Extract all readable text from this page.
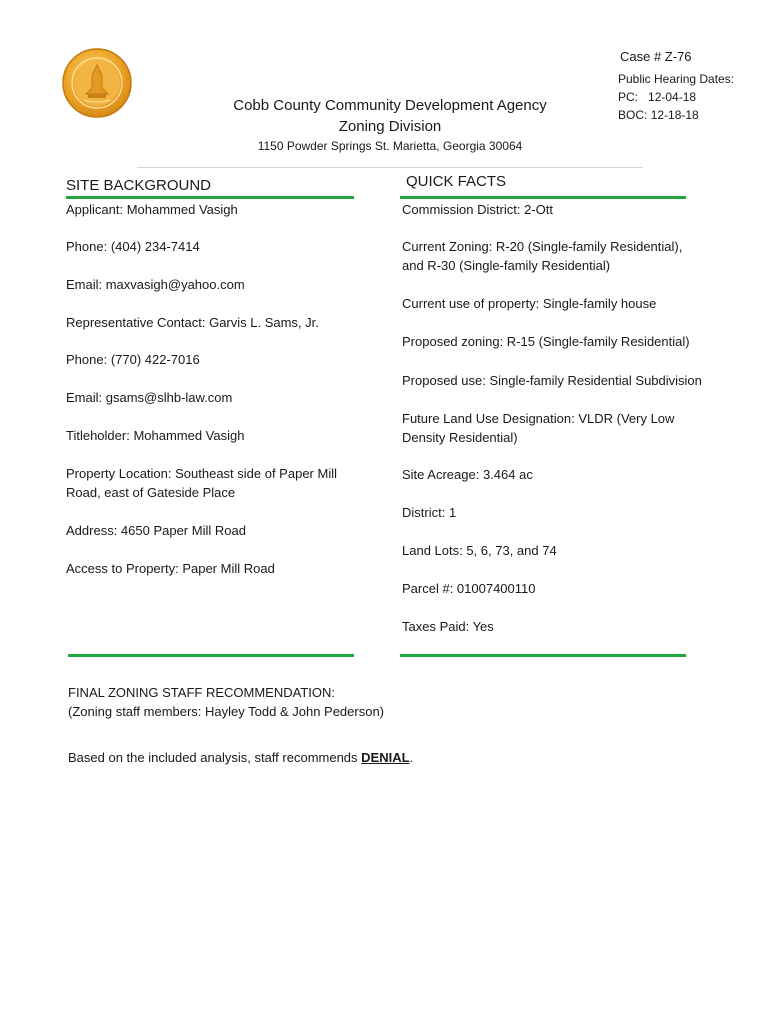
Case # Z-76
Public Hearing Dates:
PC: 12-04-18
BOC: 12-18-18
Cobb County Community Development Agency
Zoning Division
1150 Powder Springs St. Marietta, Georgia 30064
SITE BACKGROUND	QUICK FACTS
Applicant: Mohammed Vasigh
Phone: (404) 234-7414
Email: maxvasigh@yahoo.com
Representative Contact: Garvis L. Sams, Jr.
Phone: (770) 422-7016
Email: gsams@slhb-law.com
Titleholder: Mohammed Vasigh
Property Location: Southeast side of Paper Mill
Road, east of Gateside Place
Address: 4650 Paper Mill Road
Access to Property: Paper Mill Road
Commission District: 2-Ott
Current Zoning: R-20 (Single-family Residential),
and R-30 (Single-family Residential)
Current use of property: Single-family house
Proposed zoning: R-15 (Single-family Residential)
Proposed use: Single-family Residential Subdivision
Future Land Use Designation: VLDR (Very Low
Density Residential)
Site Acreage: 3.464 ac
District: 1
Land Lots: 5, 6, 73, and 74
Parcel #: 01007400110
Taxes Paid: Yes
FINAL ZONING STAFF RECOMMENDATION:
(Zoning staff members: Hayley Todd & John Pederson)
Based on the included analysis, staff recommends DENIAL.
